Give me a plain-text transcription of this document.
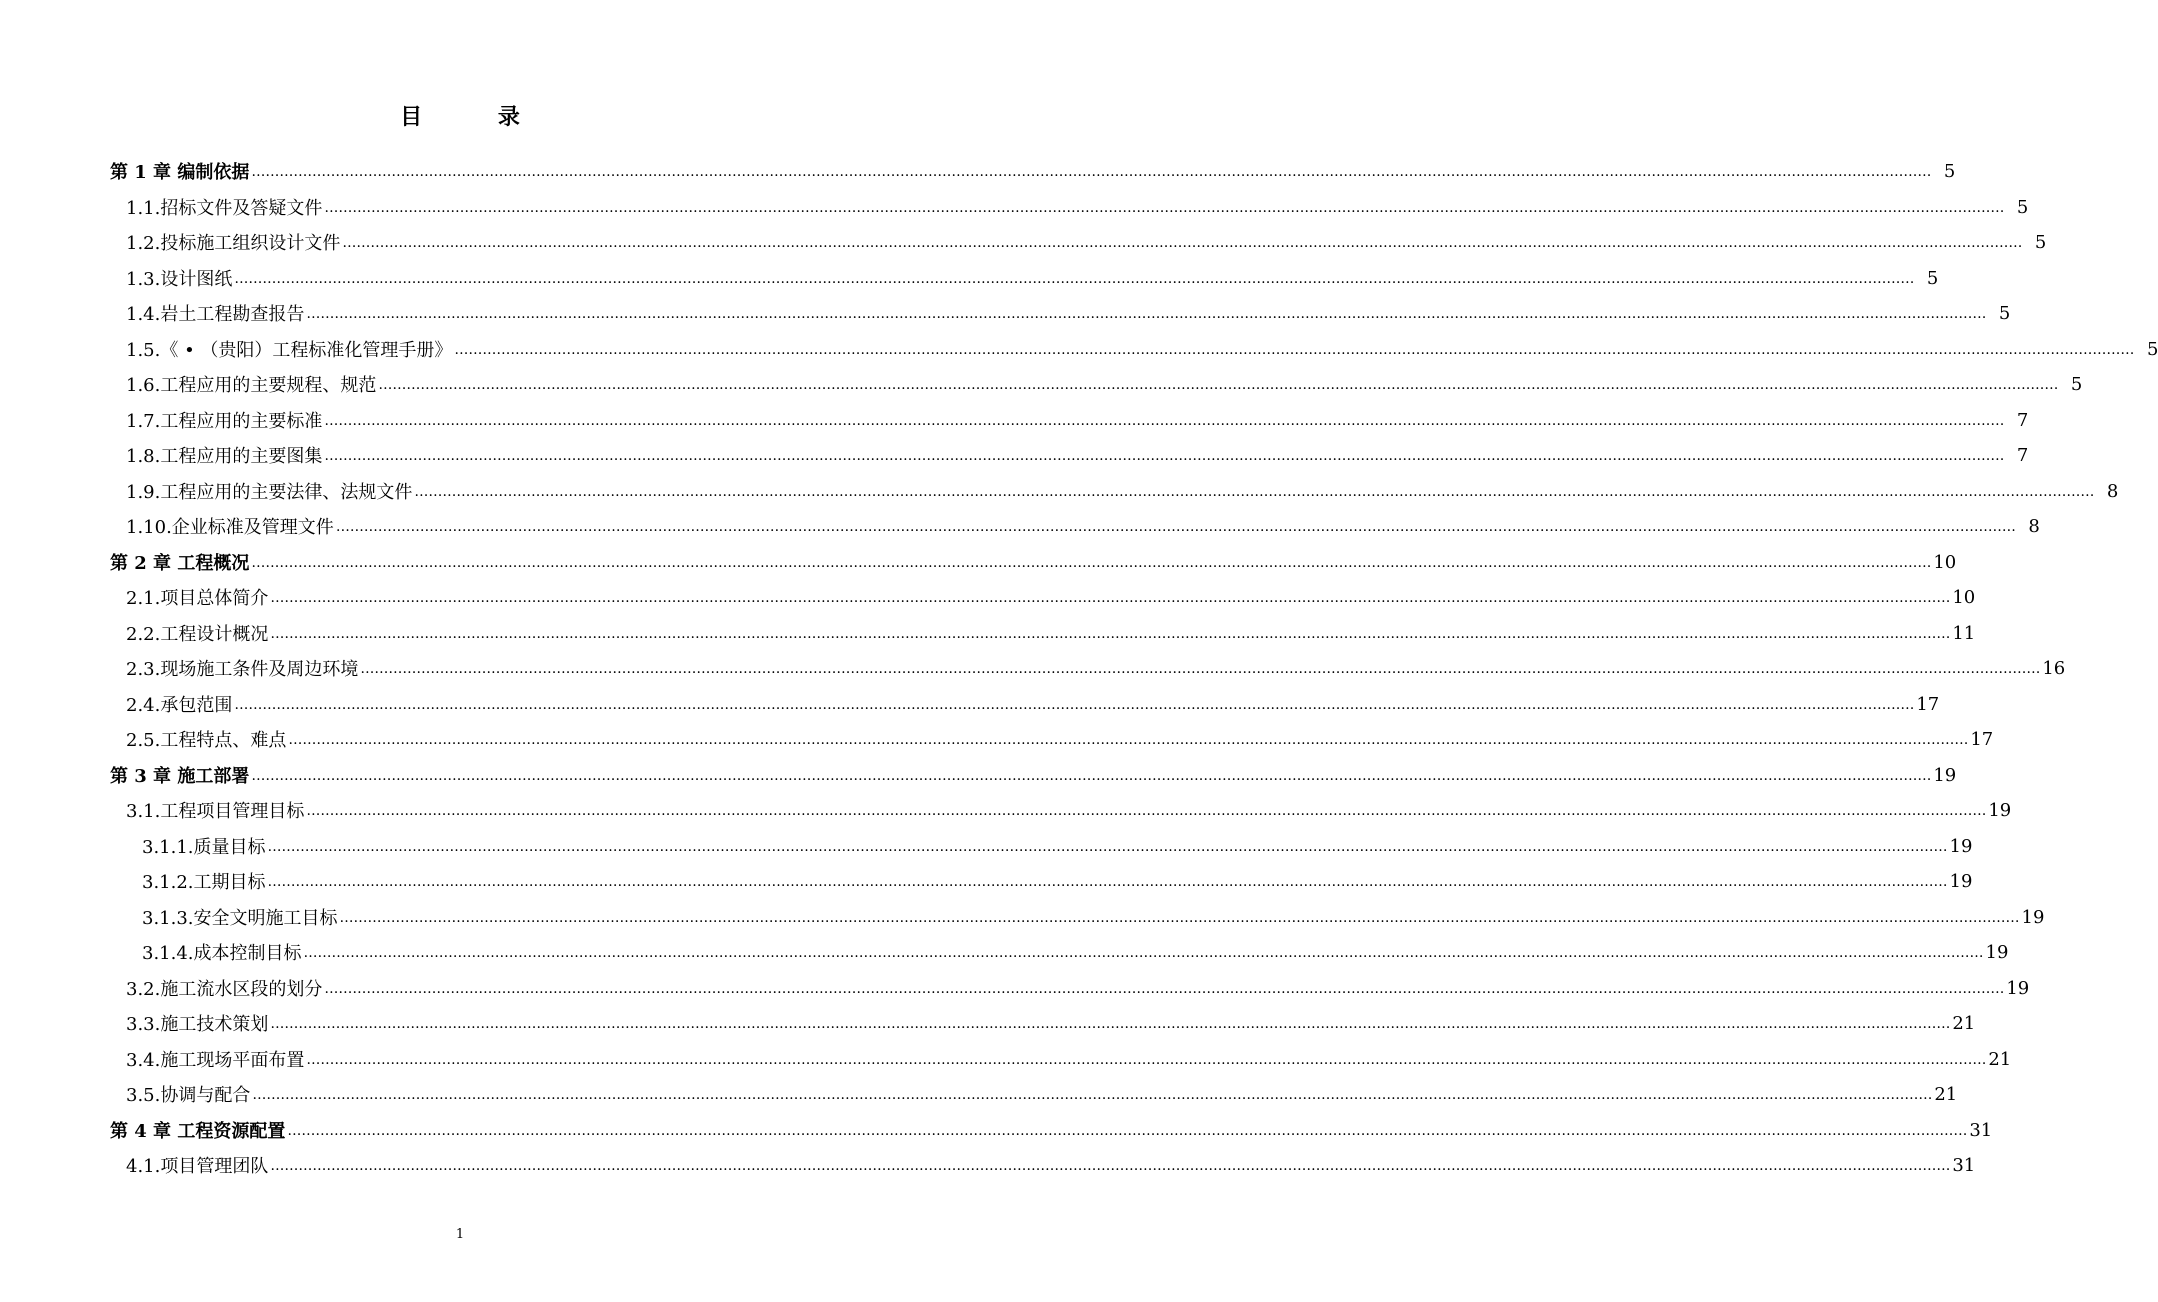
目 录
第 1 章 编制依据 ……………………………………………………………………………………………………………………………………………………………………………………………………………………………………………………………………………………………………………………………… 5
1.1.招标文件及答疑文件 ……………………………………………………………………………………………………………………………………………………………………………………………………………………………………………………………………………………………………………………………… 5
1.2.投标施工组织设计文件 ……………………………………………………………………………………………………………………………………………………………………………………………………………………………………………………………………………………………………………………………… 5
1.3.设计图纸 ……………………………………………………………………………………………………………………………………………………………………………………………………………………………………………………………………………………………………………………………… 5
1.4.岩土工程勘查报告 ……………………………………………………………………………………………………………………………………………………………………………………………………………………………………………………………………………………………………………………………… 5
1.5.《 • （贵阳）工程标准化管理手册》 ……………………………………………………………………………………………………………………………………………………………………………………………………………………………………………………………………………………………………………………………… 5
1.6.工程应用的主要规程、规范 ……………………………………………………………………………………………………………………………………………………………………………………………………………………………………………………………………………………………………………………………… 5
1.7.工程应用的主要标准 ……………………………………………………………………………………………………………………………………………………………………………………………………………………………………………………………………………………………………………………………… 7
1.8.工程应用的主要图集 ……………………………………………………………………………………………………………………………………………………………………………………………………………………………………………………………………………………………………………………………… 7
1.9.工程应用的主要法律、法规文件 ……………………………………………………………………………………………………………………………………………………………………………………………………………………………………………………………………………………………………………………………… 8
1.10.企业标准及管理文件 ……………………………………………………………………………………………………………………………………………………………………………………………………………………………………………………………………………………………………………………………… 8
第 2 章 工程概况 ……………………………………………………………………………………………………………………………………………………………………………………………………………………………………………………………………………………………………………………………… 10
2.1.项目总体简介 ……………………………………………………………………………………………………………………………………………………………………………………………………………………………………………………………………………………………………………………………… 10
2.2.工程设计概况 ……………………………………………………………………………………………………………………………………………………………………………………………………………………………………………………………………………………………………………………………… 11
2.3.现场施工条件及周边环境 ……………………………………………………………………………………………………………………………………………………………………………………………………………………………………………………………………………………………………………………………… 16
2.4.承包范围 ……………………………………………………………………………………………………………………………………………………………………………………………………………………………………………………………………………………………………………………………… 17
2.5.工程特点、难点 ……………………………………………………………………………………………………………………………………………………………………………………………………………………………………………………………………………………………………………………………… 17
第 3 章 施工部署 ……………………………………………………………………………………………………………………………………………………………………………………………………………………………………………………………………………………………………………………………… 19
3.1.工程项目管理目标 ……………………………………………………………………………………………………………………………………………………………………………………………………………………………………………………………………………………………………………………………… 19
3.1.1.质量目标 ……………………………………………………………………………………………………………………………………………………………………………………………………………………………………………………………………………………………………………………………… 19
3.1.2.工期目标 ……………………………………………………………………………………………………………………………………………………………………………………………………………………………………………………………………………………………………………………………… 19
3.1.3.安全文明施工目标 ……………………………………………………………………………………………………………………………………………………………………………………………………………………………………………………………………………………………………………………………… 19
3.1.4.成本控制目标 ……………………………………………………………………………………………………………………………………………………………………………………………………………………………………………………………………………………………………………………………… 19
3.2.施工流水区段的划分 ……………………………………………………………………………………………………………………………………………………………………………………………………………………………………………………………………………………………………………………………… 19
3.3.施工技术策划 ……………………………………………………………………………………………………………………………………………………………………………………………………………………………………………………………………………………………………………………………… 21
3.4.施工现场平面布置 ……………………………………………………………………………………………………………………………………………………………………………………………………………………………………………………………………………………………………………………………… 21
3.5.协调与配合 ……………………………………………………………………………………………………………………………………………………………………………………………………………………………………………………………………………………………………………………………… 21
第 4 章 工程资源配置 ……………………………………………………………………………………………………………………………………………………………………………………………………………………………………………………………………………………………………………………………… 31
4.1.项目管理团队 ……………………………………………………………………………………………………………………………………………………………………………………………………………………………………………………………………………………………………………………………… 31
1
